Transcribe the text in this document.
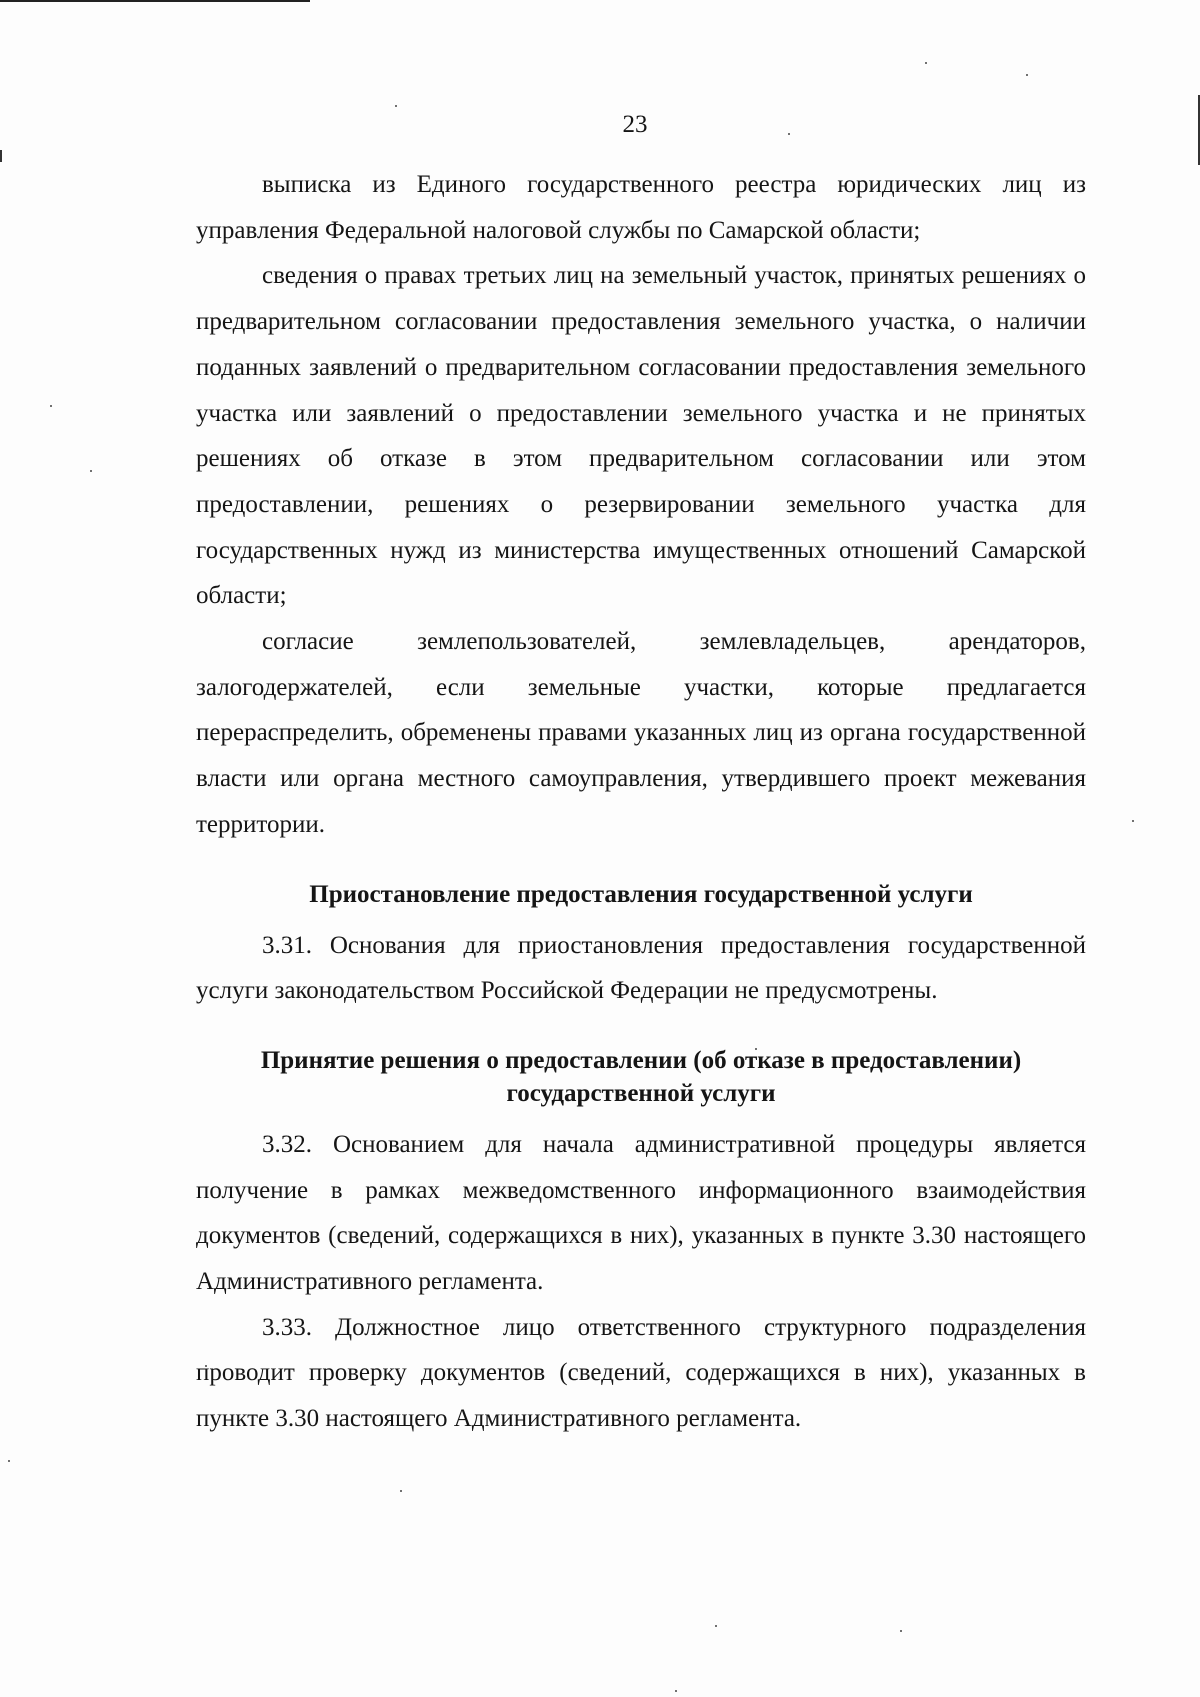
23

выписка из Единого государственного реестра юридических лиц из управления Федеральной налоговой службы по Самарской области;

сведения о правах третьих лиц на земельный участок, принятых решениях о предварительном согласовании предоставления земельного участка, о наличии поданных заявлений о предварительном согласовании предоставления земельного участка или заявлений о предоставлении земельного участка и не принятых решениях об отказе в этом предварительном согласовании или этом предоставлении, решениях о резервировании земельного участка для государственных нужд из министерства имущественных отношений Самарской области;

согласие землепользователей, землевладельцев, арендаторов, залогодержателей, если земельные участки, которые предлагается перераспределить, обременены правами указанных лиц из органа государственной власти или органа местного самоуправления, утвердившего проект межевания территории.

Приостановление предоставления государственной услуги

3.31. Основания для приостановления предоставления государственной услуги законодательством Российской Федерации не предусмотрены.

Принятие решения о предоставлении (об отказе в предоставлении) государственной услуги

3.32. Основанием для начала административной процедуры является получение в рамках межведомственного информационного взаимодействия документов (сведений, содержащихся в них), указанных в пункте 3.30 настоящего Административного регламента.

3.33. Должностное лицо ответственного структурного подразделения проводит проверку документов (сведений, содержащихся в них), указанных в пункте 3.30 настоящего Административного регламента.
